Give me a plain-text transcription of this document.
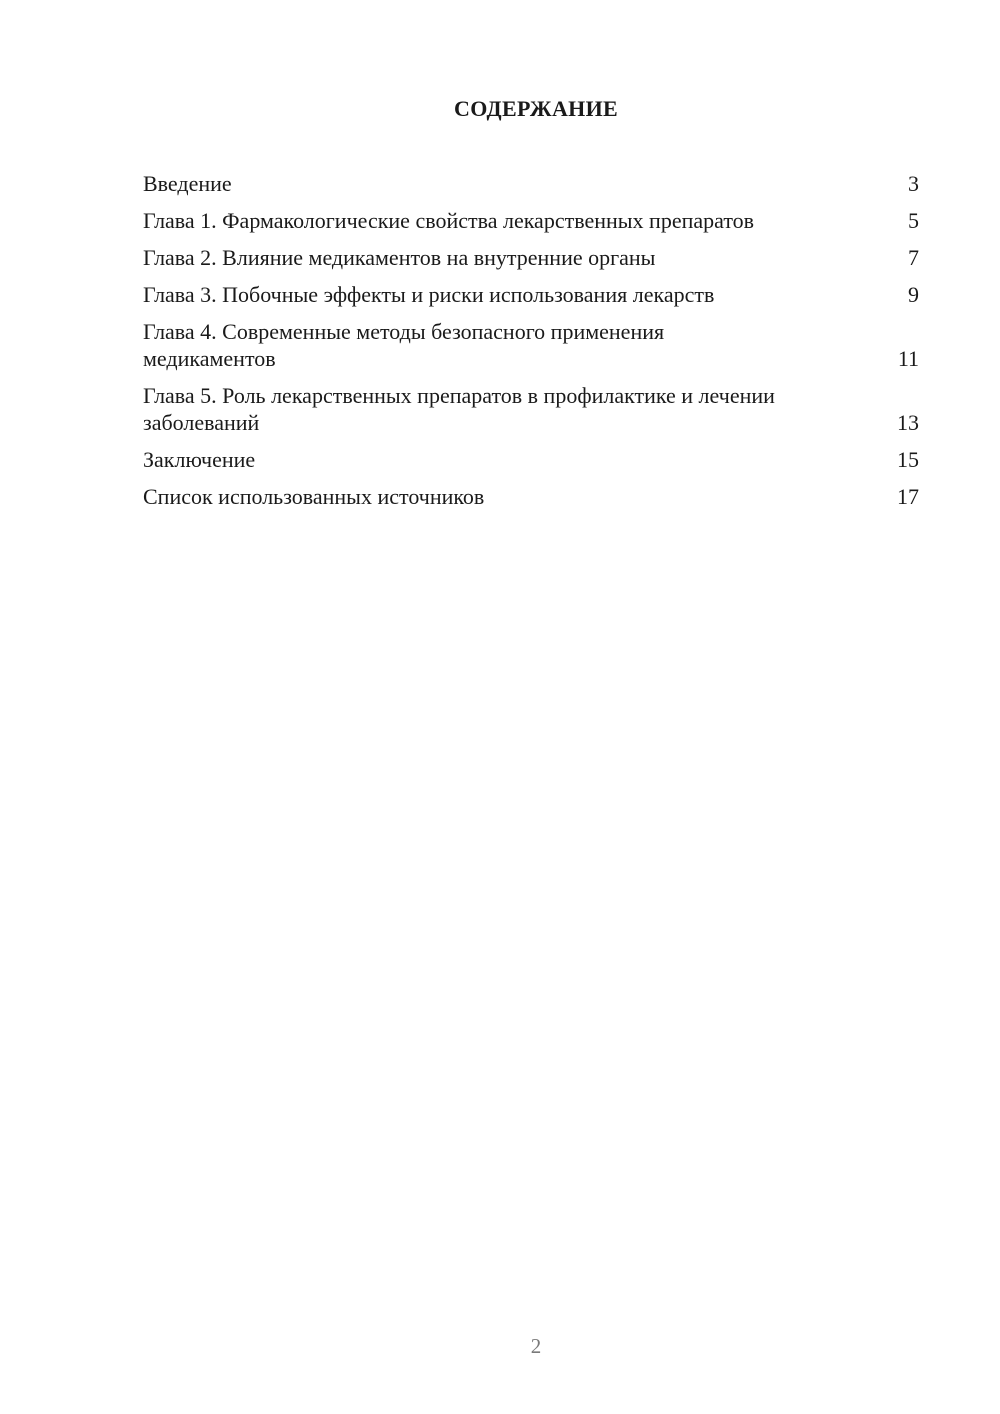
СОДЕРЖАНИЕ
Введение	3
Глава 1. Фармакологические свойства лекарственных препаратов	5
Глава 2. Влияние медикаментов на внутренние органы	7
Глава 3. Побочные эффекты и риски использования лекарств	9
Глава 4. Современные методы безопасного применения медикаментов	11
Глава 5. Роль лекарственных препаратов в профилактике и лечении заболеваний	13
Заключение	15
Список использованных источников	17
2
